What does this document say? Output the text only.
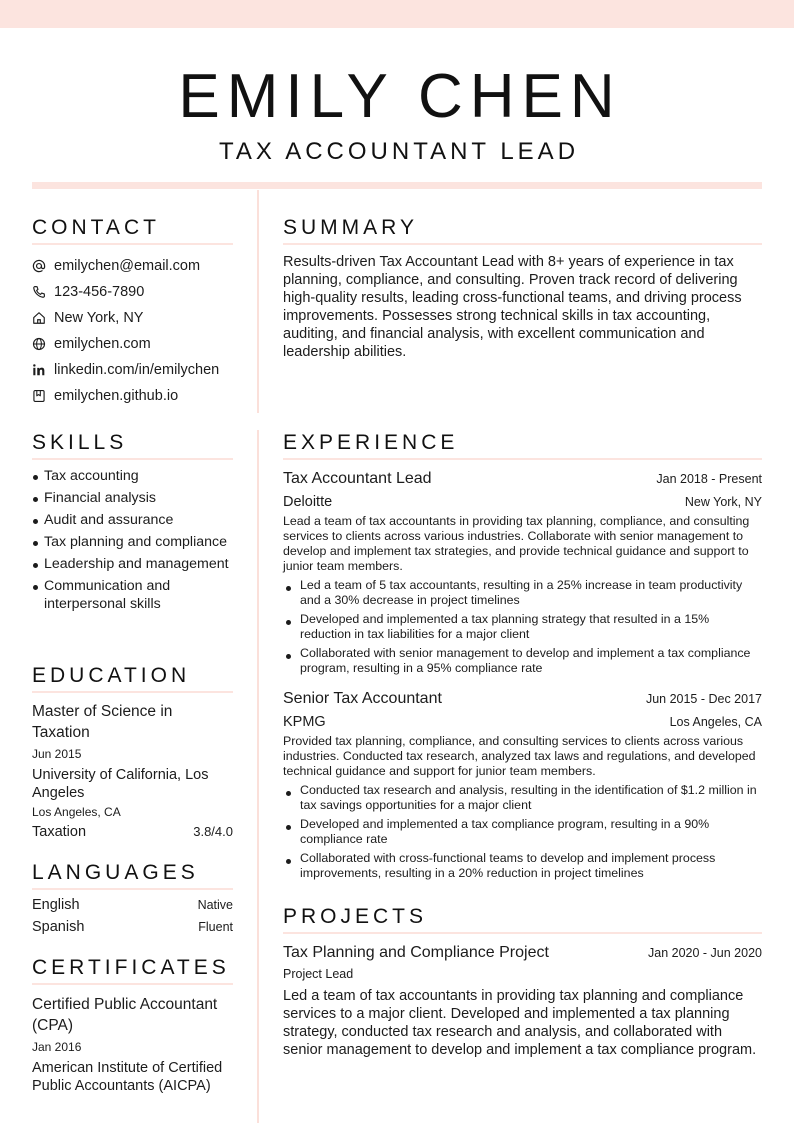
EMILY CHEN
TAX ACCOUNTANT LEAD
CONTACT
emilychen@email.com
123-456-7890
New York, NY
emilychen.com
linkedin.com/in/emilychen
emilychen.github.io
SUMMARY

Results-driven Tax Accountant Lead with 8+ years of experience in tax planning, compliance, and consulting. Proven track record of delivering high-quality results, leading cross-functional teams, and driving process improvements. Possesses strong technical skills in tax accounting, auditing, and financial analysis, with excellent communication and leadership abilities.

SKILLS
Tax accounting
Financial analysis
Audit and assurance
Tax planning and compliance
Leadership and management
Communication and interpersonal skills
EDUCATION
Master of Science in Taxation
Jun 2015
University of California, Los Angeles
Los Angeles, CA
Taxation	3.8/4.0
LANGUAGES
English	Native
Spanish	Fluent
CERTIFICATES
Certified Public Accountant (CPA)
Jan 2016
American Institute of Certified Public Accountants (AICPA)
EXPERIENCE
Tax Accountant Lead	Jan 2018 - Present
Deloitte	New York, NY

Lead a team of tax accountants in providing tax planning, compliance, and consulting services to clients across various industries. Collaborate with senior management to develop and implement tax strategies, and provide technical guidance and support to junior team members.

Led a team of 5 tax accountants, resulting in a 25% increase in team productivity and a 30% decrease in project timelines
Developed and implemented a tax planning strategy that resulted in a 15% reduction in tax liabilities for a major client
Collaborated with senior management to develop and implement a tax compliance program, resulting in a 95% compliance rate
Senior Tax Accountant	Jun 2015 - Dec 2017
KPMG	Los Angeles, CA

Provided tax planning, compliance, and consulting services to clients across various industries. Conducted tax research, analyzed tax laws and regulations, and developed technical guidance and support for junior team members.

Conducted tax research and analysis, resulting in the identification of $1.2 million in tax savings opportunities for a major client
Developed and implemented a tax compliance program, resulting in a 90% compliance rate
Collaborated with cross-functional teams to develop and implement process improvements, resulting in a 20% reduction in project timelines
PROJECTS
Tax Planning and Compliance Project	Jan 2020 - Jun 2020
Project Lead

Led a team of tax accountants in providing tax planning and compliance services to a major client. Developed and implemented a tax planning strategy, conducted tax research and analysis, and collaborated with senior management to develop and implement a tax compliance program.
